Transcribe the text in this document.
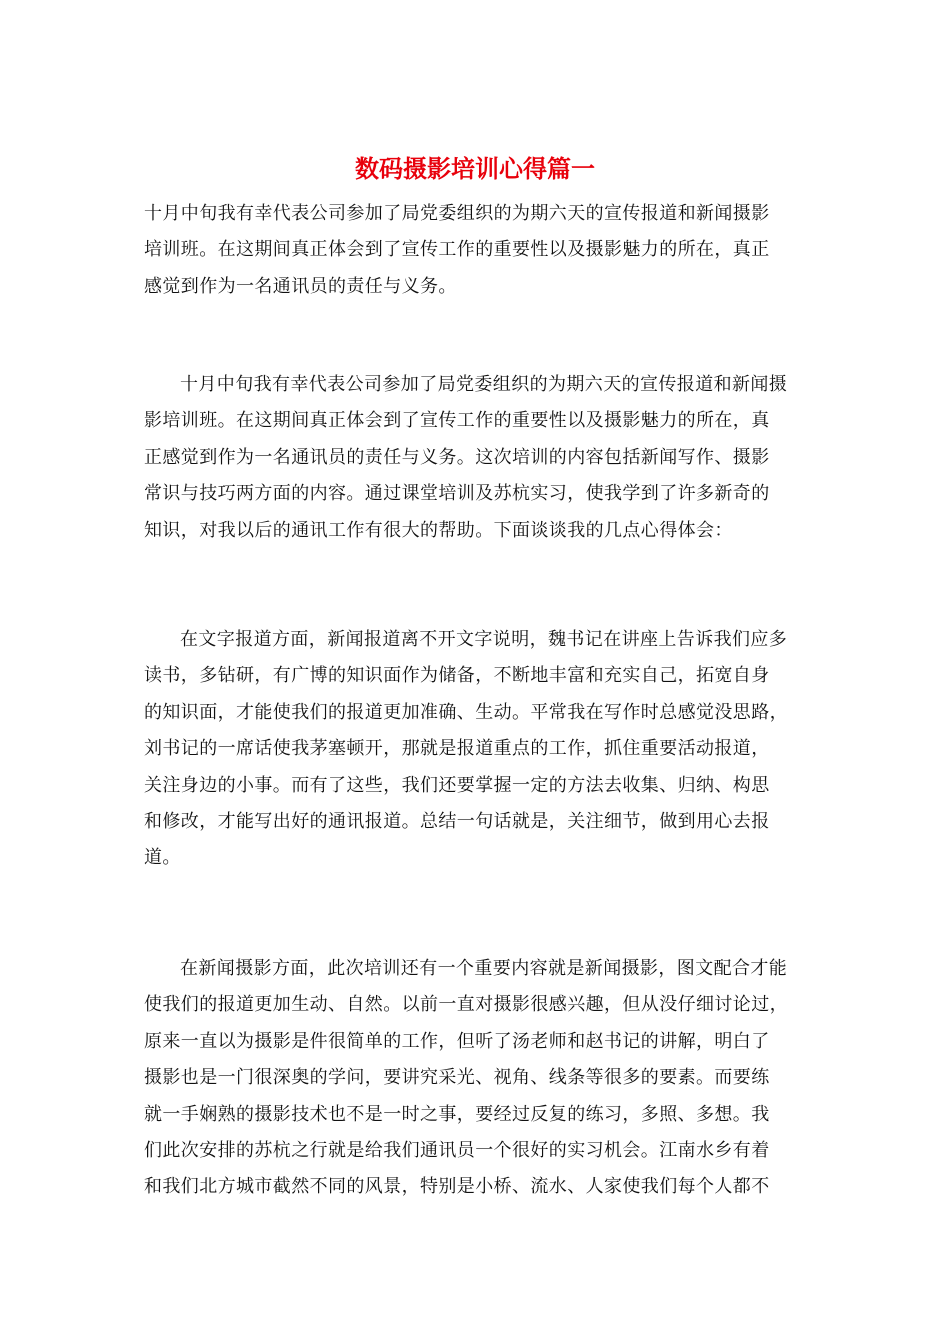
数码摄影培训心得篇一

十月中旬我有幸代表公司参加了局党委组织的为期六天的宣传报道和新闻摄影
培训班。在这期间真正体会到了宣传工作的重要性以及摄影魅力的所在，真正
感觉到作为一名通讯员的责任与义务。

十月中旬我有幸代表公司参加了局党委组织的为期六天的宣传报道和新闻摄
影培训班。在这期间真正体会到了宣传工作的重要性以及摄影魅力的所在，真
正感觉到作为一名通讯员的责任与义务。这次培训的内容包括新闻写作、摄影
常识与技巧两方面的内容。通过课堂培训及苏杭实习，使我学到了许多新奇的
知识，对我以后的通讯工作有很大的帮助。下面谈谈我的几点心得体会：

在文字报道方面，新闻报道离不开文字说明，魏书记在讲座上告诉我们应多
读书，多钻研，有广博的知识面作为储备，不断地丰富和充实自己，拓宽自身
的知识面，才能使我们的报道更加准确、生动。平常我在写作时总感觉没思路，
刘书记的一席话使我茅塞顿开，那就是报道重点的工作，抓住重要活动报道，
关注身边的小事。而有了这些，我们还要掌握一定的方法去收集、归纳、构思
和修改，才能写出好的通讯报道。总结一句话就是，关注细节，做到用心去报
道。

在新闻摄影方面，此次培训还有一个重要内容就是新闻摄影，图文配合才能
使我们的报道更加生动、自然。以前一直对摄影很感兴趣，但从没仔细讨论过，
原来一直以为摄影是件很简单的工作，但听了汤老师和赵书记的讲解，明白了
摄影也是一门很深奥的学问，要讲究采光、视角、线条等很多的要素。而要练
就一手娴熟的摄影技术也不是一时之事，要经过反复的练习，多照、多想。我
们此次安排的苏杭之行就是给我们通讯员一个很好的实习机会。江南水乡有着
和我们北方城市截然不同的风景，特别是小桥、流水、人家使我们每个人都不
